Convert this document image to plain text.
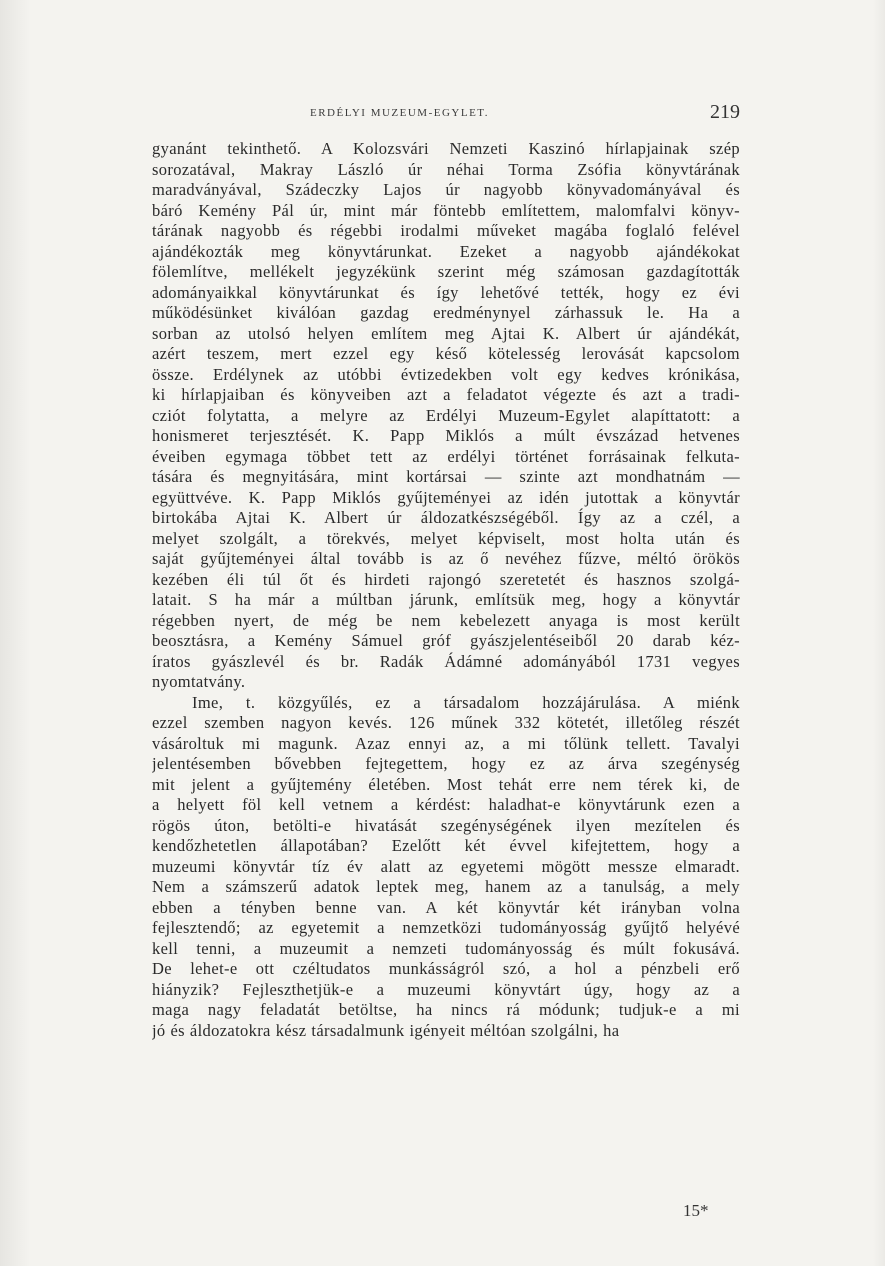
ERDÉLYI MUZEUM-EGYLET.	219
gyanánt tekinthető. A Kolozsvári Nemzeti Kaszinó hírlapjainak szép
sorozatával, Makray László úr néhai Torma Zsófia könyvtárának
maradványával, Szádeczky Lajos úr nagyobb könyvadományával és
báró Kemény Pál úr, mint már föntebb említettem, malomfalvi könyv-
tárának nagyobb és régebbi irodalmi műveket magába foglaló felével
ajándékozták meg könyvtárunkat. Ezeket a nagyobb ajándékokat
fölemlítve, mellékelt jegyzékünk szerint még számosan gazdagították
adományaikkal könyvtárunkat és így lehetővé tették, hogy ez évi
működésünket kiválóan gazdag eredménynyel zárhassuk le. Ha a
sorban az utolsó helyen említem meg Ajtai K. Albert úr ajándékát,
azért teszem, mert ezzel egy késő kötelesség lerovását kapcsolom
össze. Erdélynek az utóbbi évtizedekben volt egy kedves krónikása,
ki hírlapjaiban és könyveiben azt a feladatot végezte és azt a tradi-
cziót folytatta, a melyre az Erdélyi Muzeum-Egylet alapíttatott: a
honismeret terjesztését. K. Papp Miklós a múlt évszázad hetvenes
éveiben egymaga többet tett az erdélyi történet forrásainak felkuta-
tására és megnyitására, mint kortársai — szinte azt mondhatnám —
együttvéve. K. Papp Miklós gyűjteményei az idén jutottak a könyvtár
birtokába Ajtai K. Albert úr áldozatkészségéből. Így az a czél, a
melyet szolgált, a törekvés, melyet képviselt, most holta után és
saját gyűjteményei által tovább is az ő nevéhez fűzve, méltó örökös
kezében éli túl őt és hirdeti rajongó szeretetét és hasznos szolgá-
latait. S ha már a múltban járunk, említsük meg, hogy a könyvtár
régebben nyert, de még be nem kebelezett anyaga is most került
beosztásra, a Kemény Sámuel gróf gyászjelentéseiből 20 darab kéz-
íratos gyászlevél és br. Radák Ádámné adományából 1731 vegyes
nyomtatvány.
Ime, t. közgyűlés, ez a társadalom hozzájárulása. A miénk
ezzel szemben nagyon kevés. 126 műnek 332 kötetét, illetőleg részét
vásároltuk mi magunk. Azaz ennyi az, a mi tőlünk tellett. Tavalyi
jelentésemben bővebben fejtegettem, hogy ez az árva szegénység
mit jelent a gyűjtemény életében. Most tehát erre nem térek ki, de
a helyett föl kell vetnem a kérdést: haladhat-e könyvtárunk ezen a
rögös úton, betölti-e hivatását szegénységének ilyen mezítelen és
kendőzhetetlen állapotában? Ezelőtt két évvel kifejtettem, hogy a
muzeumi könyvtár tíz év alatt az egyetemi mögött messze elmaradt.
Nem a számszerű adatok leptek meg, hanem az a tanulság, a mely
ebben a tényben benne van. A két könyvtár két irányban volna
fejlesztendő; az egyetemit a nemzetközi tudományosság gyűjtő helyévé
kell tenni, a muzeumit a nemzeti tudományosság és múlt fokusává.
De lehet-e ott czéltudatos munkásságról szó, a hol a pénzbeli erő
hiányzik? Fejleszthetjük-e a muzeumi könyvtárt úgy, hogy az a
maga nagy feladatát betöltse, ha nincs rá módunk; tudjuk-e a mi
jó és áldozatokra kész társadalmunk igényeit méltóan szolgálni, ha
15*
